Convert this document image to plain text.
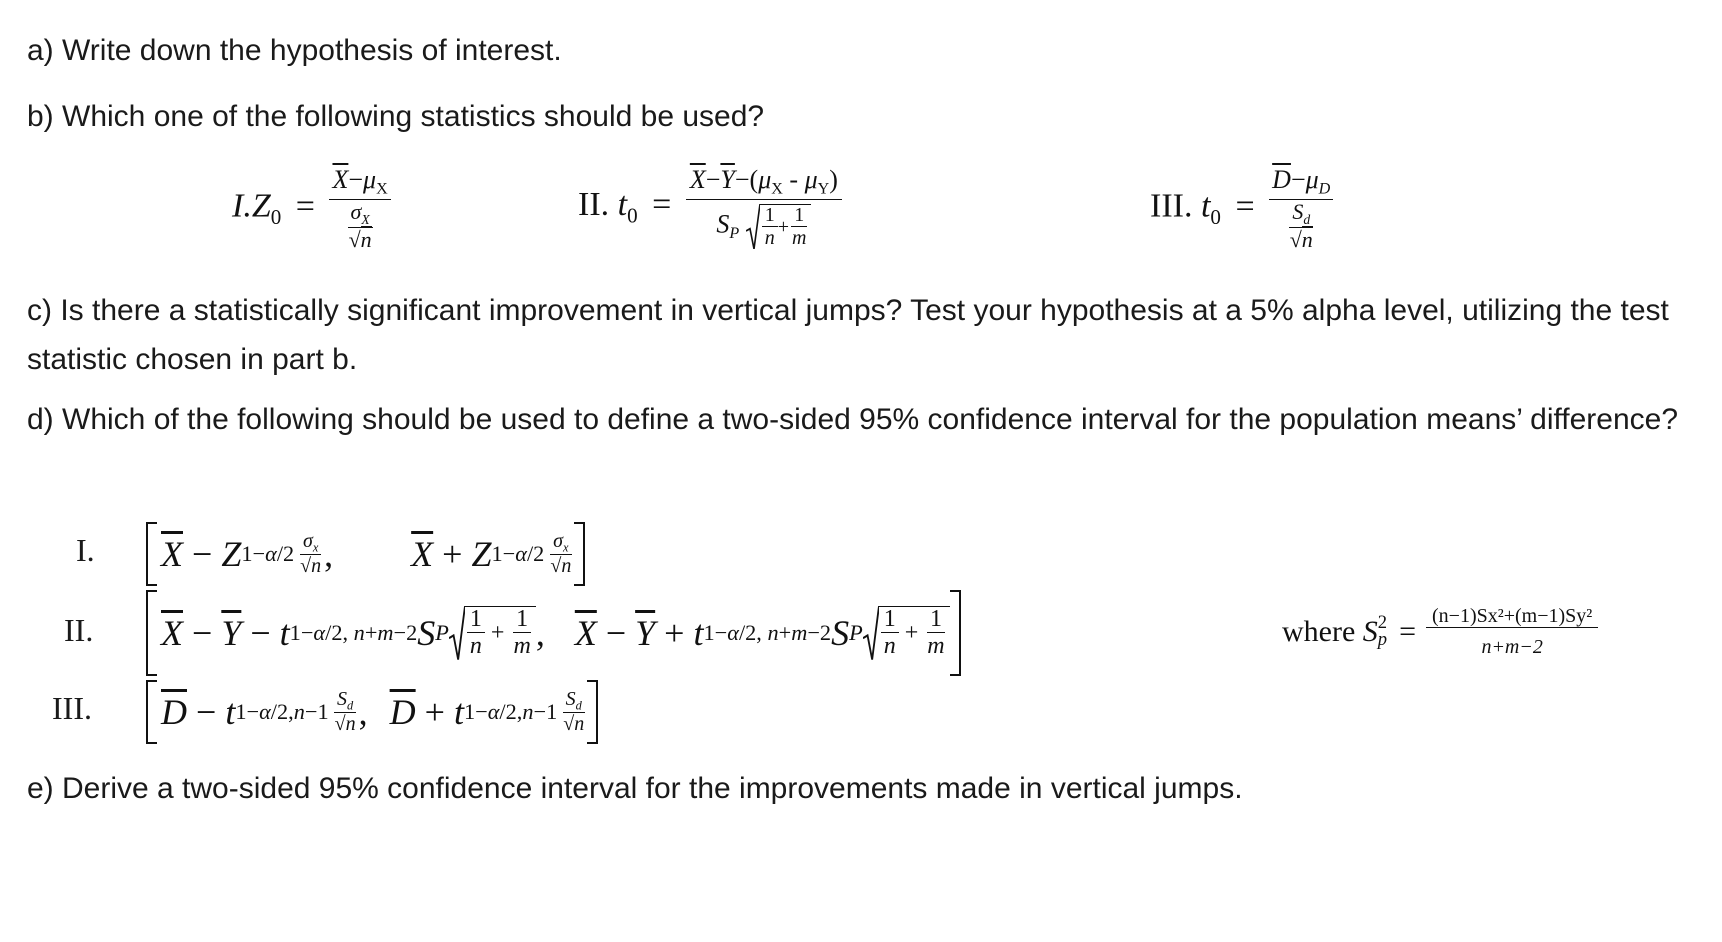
a) Write down the hypothesis of interest.

b) Which one of the following statistics should be used?

c) Is there a statistically significant improvement in vertical jumps? Test your hypothesis at a 5% alpha level, utilizing the test statistic chosen in part b.

d) Which of the following should be used to define a two-sided 95% confidence interval for the population means’ difference?

e) Derive a two-sided 95% confidence interval for the improvements made in vertical jumps.

$I.Z_0 = \frac{\overline{X}-\mu_X}{\frac{\sigma_X}{√n}}$	II. $t_0 = \frac{\overline{X}-\overline{Y}-(\mu_X - \mu_Y)}{S_P \frac{1}{n} + \frac{1}{m}}$	III. $t_0 = \frac{\overline{D}-\mu_D}{\frac{S_d}{√n}}$
I.
II.
III.
$\overline{X} - Z$ $1-\alpha/2 \frac{\sigma_x}{√n}$ , $\overline{X} + Z$ $1-\alpha/2 \frac{\sigma_x}{√n}$
$\overline{X} - \overline{Y} - t$ 1−α/2, n+m−2 S P $\frac{1}{n} + \frac{1}{m}$ , $\overline{X} - \overline{Y} + t$ 1−α/2, n+m−2 S P $\frac{1}{n} + \frac{1}{m}$	where
S 2
$p = \frac{\text{(n−1)Sx²+(m−1)Sy²}}{n+m-2}$
$\overline{D} - t$ $1-\alpha/2,n-1 \frac{S_d}{√n}$ , $\overline{D} + t$ $1-\alpha/2,n-1 \frac{S_d}{√n}$
